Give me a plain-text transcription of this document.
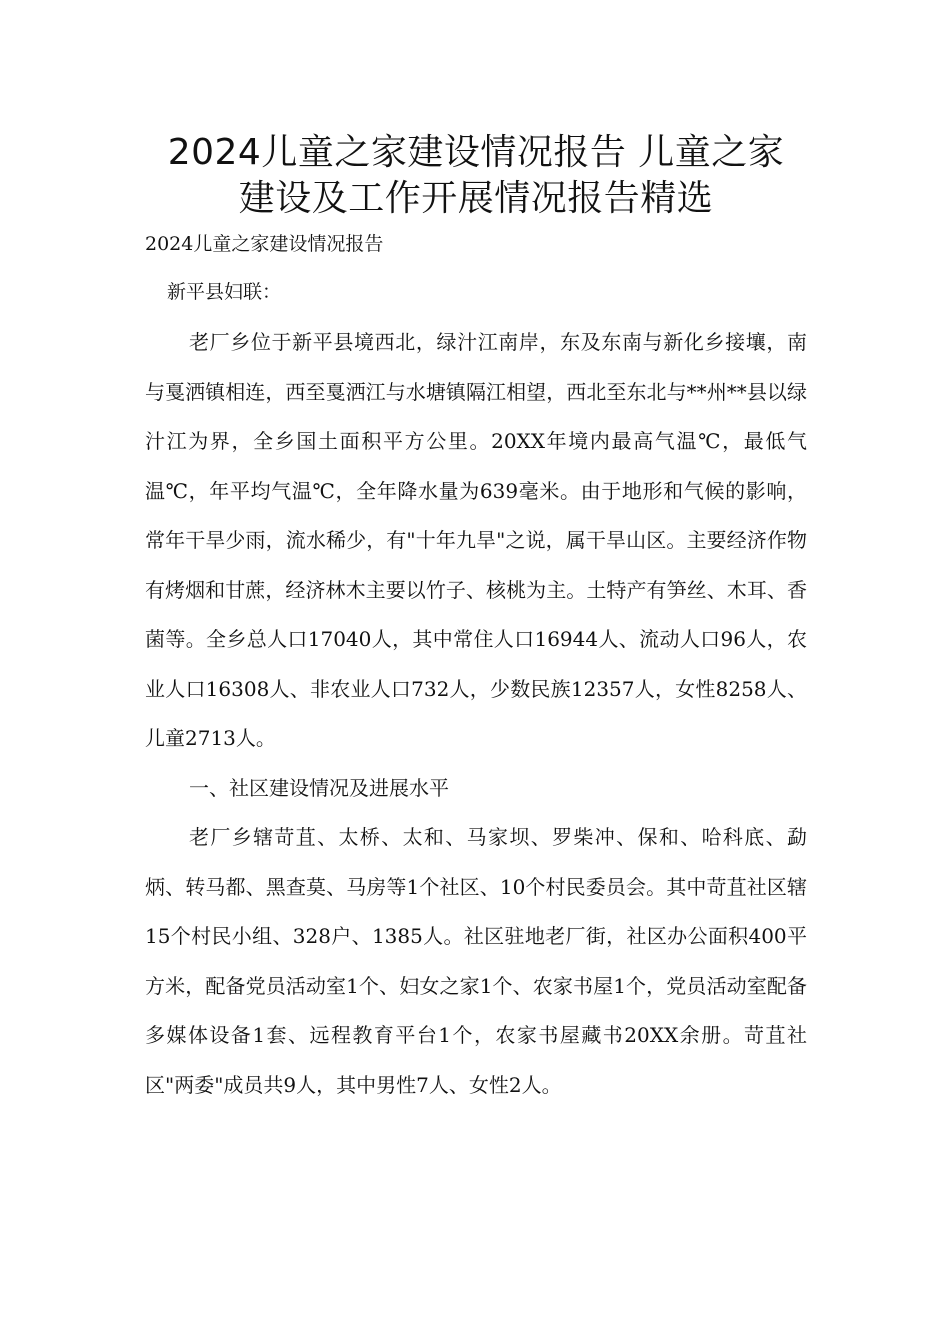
2024儿童之家建设情况报告 儿童之家
建设及工作开展情况报告精选
2024儿童之家建设情况报告
新平县妇联：

老厂乡位于新平县境西北，绿汁江南岸，东及东南与新化乡接壤，南与戛洒镇相连，西至戛洒江与水塘镇隔江相望，西北至东北与**州**县以绿汁江为界，全乡国土面积平方公里。20XX年境内最高气温℃，最低气温℃，年平均气温℃，全年降水量为639毫米。由于地形和气候的影响，常年干旱少雨，流水稀少，有"十年九旱"之说，属干旱山区。主要经济作物有烤烟和甘蔗，经济林木主要以竹子、核桃为主。土特产有笋丝、木耳、香菌等。全乡总人口17040人，其中常住人口16944人、流动人口96人，农业人口16308人、非农业人口732人，少数民族12357人，女性8258人、儿童2713人。

一、社区建设情况及进展水平

老厂乡辖苛苴、太桥、太和、马家坝、罗柴冲、保和、哈科底、勐炳、转马都、黑查莫、马房等1个社区、10个村民委员会。其中苛苴社区辖15个村民小组、328户、1385人。社区驻地老厂街，社区办公面积400平方米，配备党员活动室1个、妇女之家1个、农家书屋1个，党员活动室配备多媒体设备1套、远程教育平台1个，农家书屋藏书20XX余册。苛苴社区"两委"成员共9人，其中男性7人、女性2人。
